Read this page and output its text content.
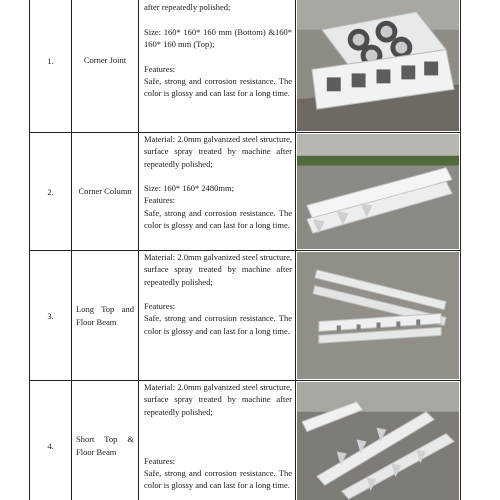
1.	Corner Joint	after repeatedly polished;

Size: 160* 160* 160 mm (Bottom) &160* 160* 160 mm (Top);

Features:

Safe, strong and corrosion resistance. The color is glossy and can last for a long time.

2.	Corner Column	Material: 2.0mm galvanized steel structure, surface spray treated by machine after repeatedly polished;

Size: 160* 160* 2480mm;

Features:

Safe, strong and corrosion resistance. The color is glossy and can last for a long time.

3.	Long Top and Floor Beam	Material: 2.0mm galvanized steel structure, surface spray treated by machine after repeatedly polished;

Features:

Safe, strong and corrosion resistance. The color is glossy and can last for a long time.

4.	Short Top & Floor Beam	Material: 2.0mm galvanized steel structure, surface spray treated by machine after repeatedly polished;

Features:

Safe, strong and corrosion resistance. The color is glossy and can last for a long time.
